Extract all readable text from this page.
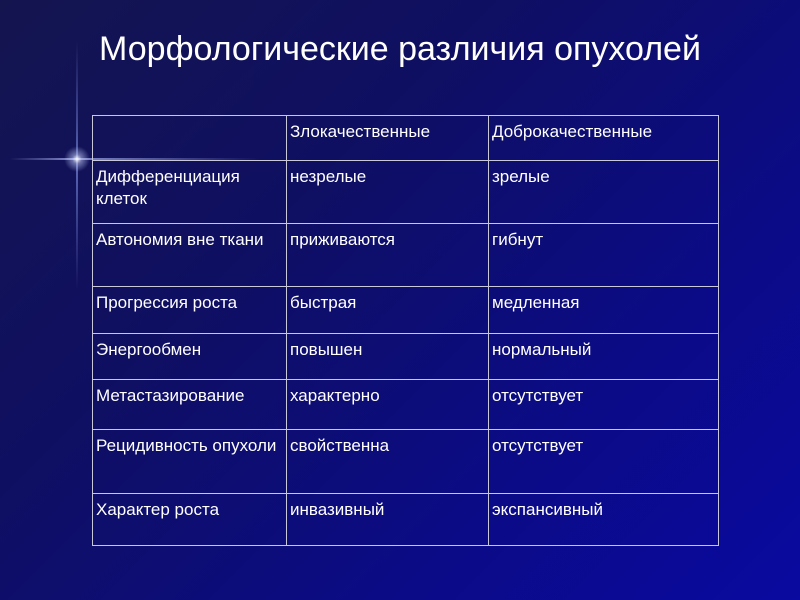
Морфологические различия опухолей
	Злокачественные	Доброкачественные
Дифференциация клеток	незрелые	зрелые
Автономия вне ткани	приживаются	гибнут
Прогрессия роста	быстрая	медленная
Энергообмен	повышен	нормальный
Метастазирование	характерно	отсутствует
Рецидивность опухоли	свойственна	отсутствует
Характер роста	инвазивный	экспансивный
